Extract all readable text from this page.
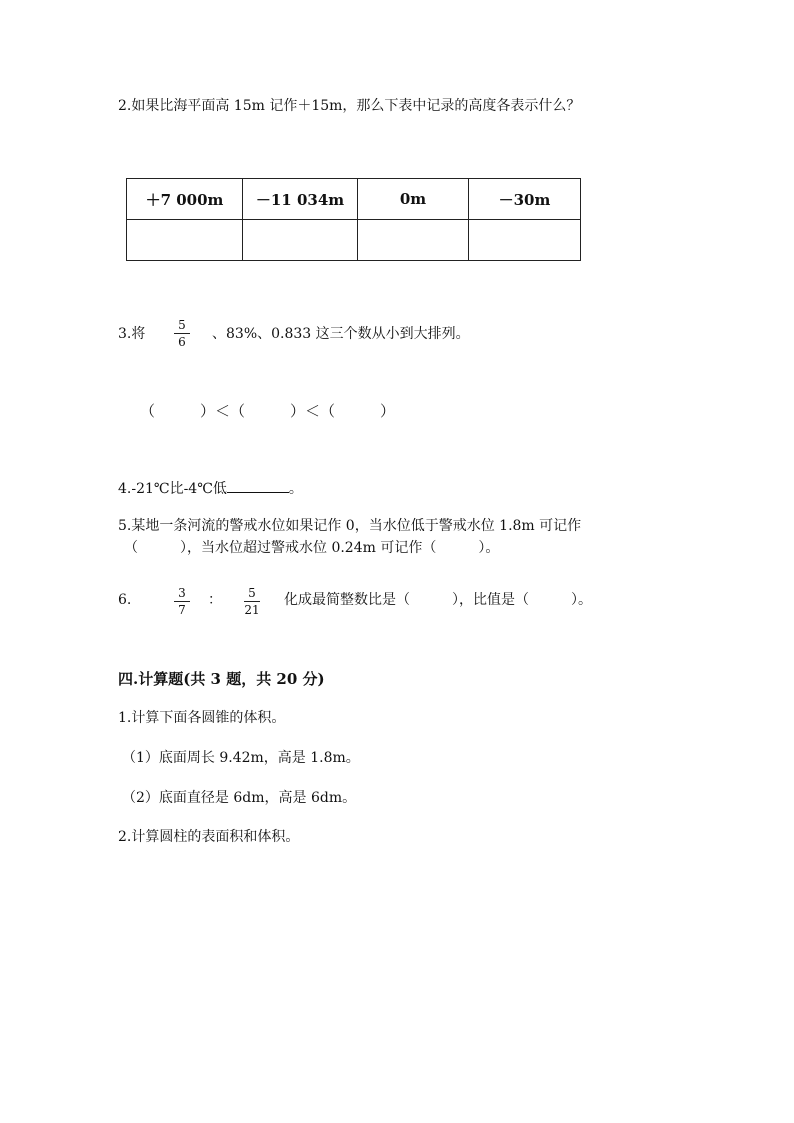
2.如果比海平面高 15m 记作＋15m，那么下表中记录的高度各表示什么？
＋7 000m	－11 034m	0m	－30m

3.将
5
6	、83%、0.833 这三个数从小到大排列。
（　　　）＜（　　　）＜（　　　）
4.-21℃比-4℃低	。
5.某地一条河流的警戒水位如果记作 0，当水位低于警戒水位 1.8m 可记作
（　　　），当水位超过警戒水位 0.24m 可记作（　　　）。
6.	3
7
：	5
21
化成最简整数比是（　　　），比值是（　　　）。
四.计算题(共 3 题，共 20 分)
1.计算下面各圆锥的体积。
（1）底面周长 9.42m，高是 1.8m。
（2）底面直径是 6dm，高是 6dm。
2.计算圆柱的表面积和体积。
